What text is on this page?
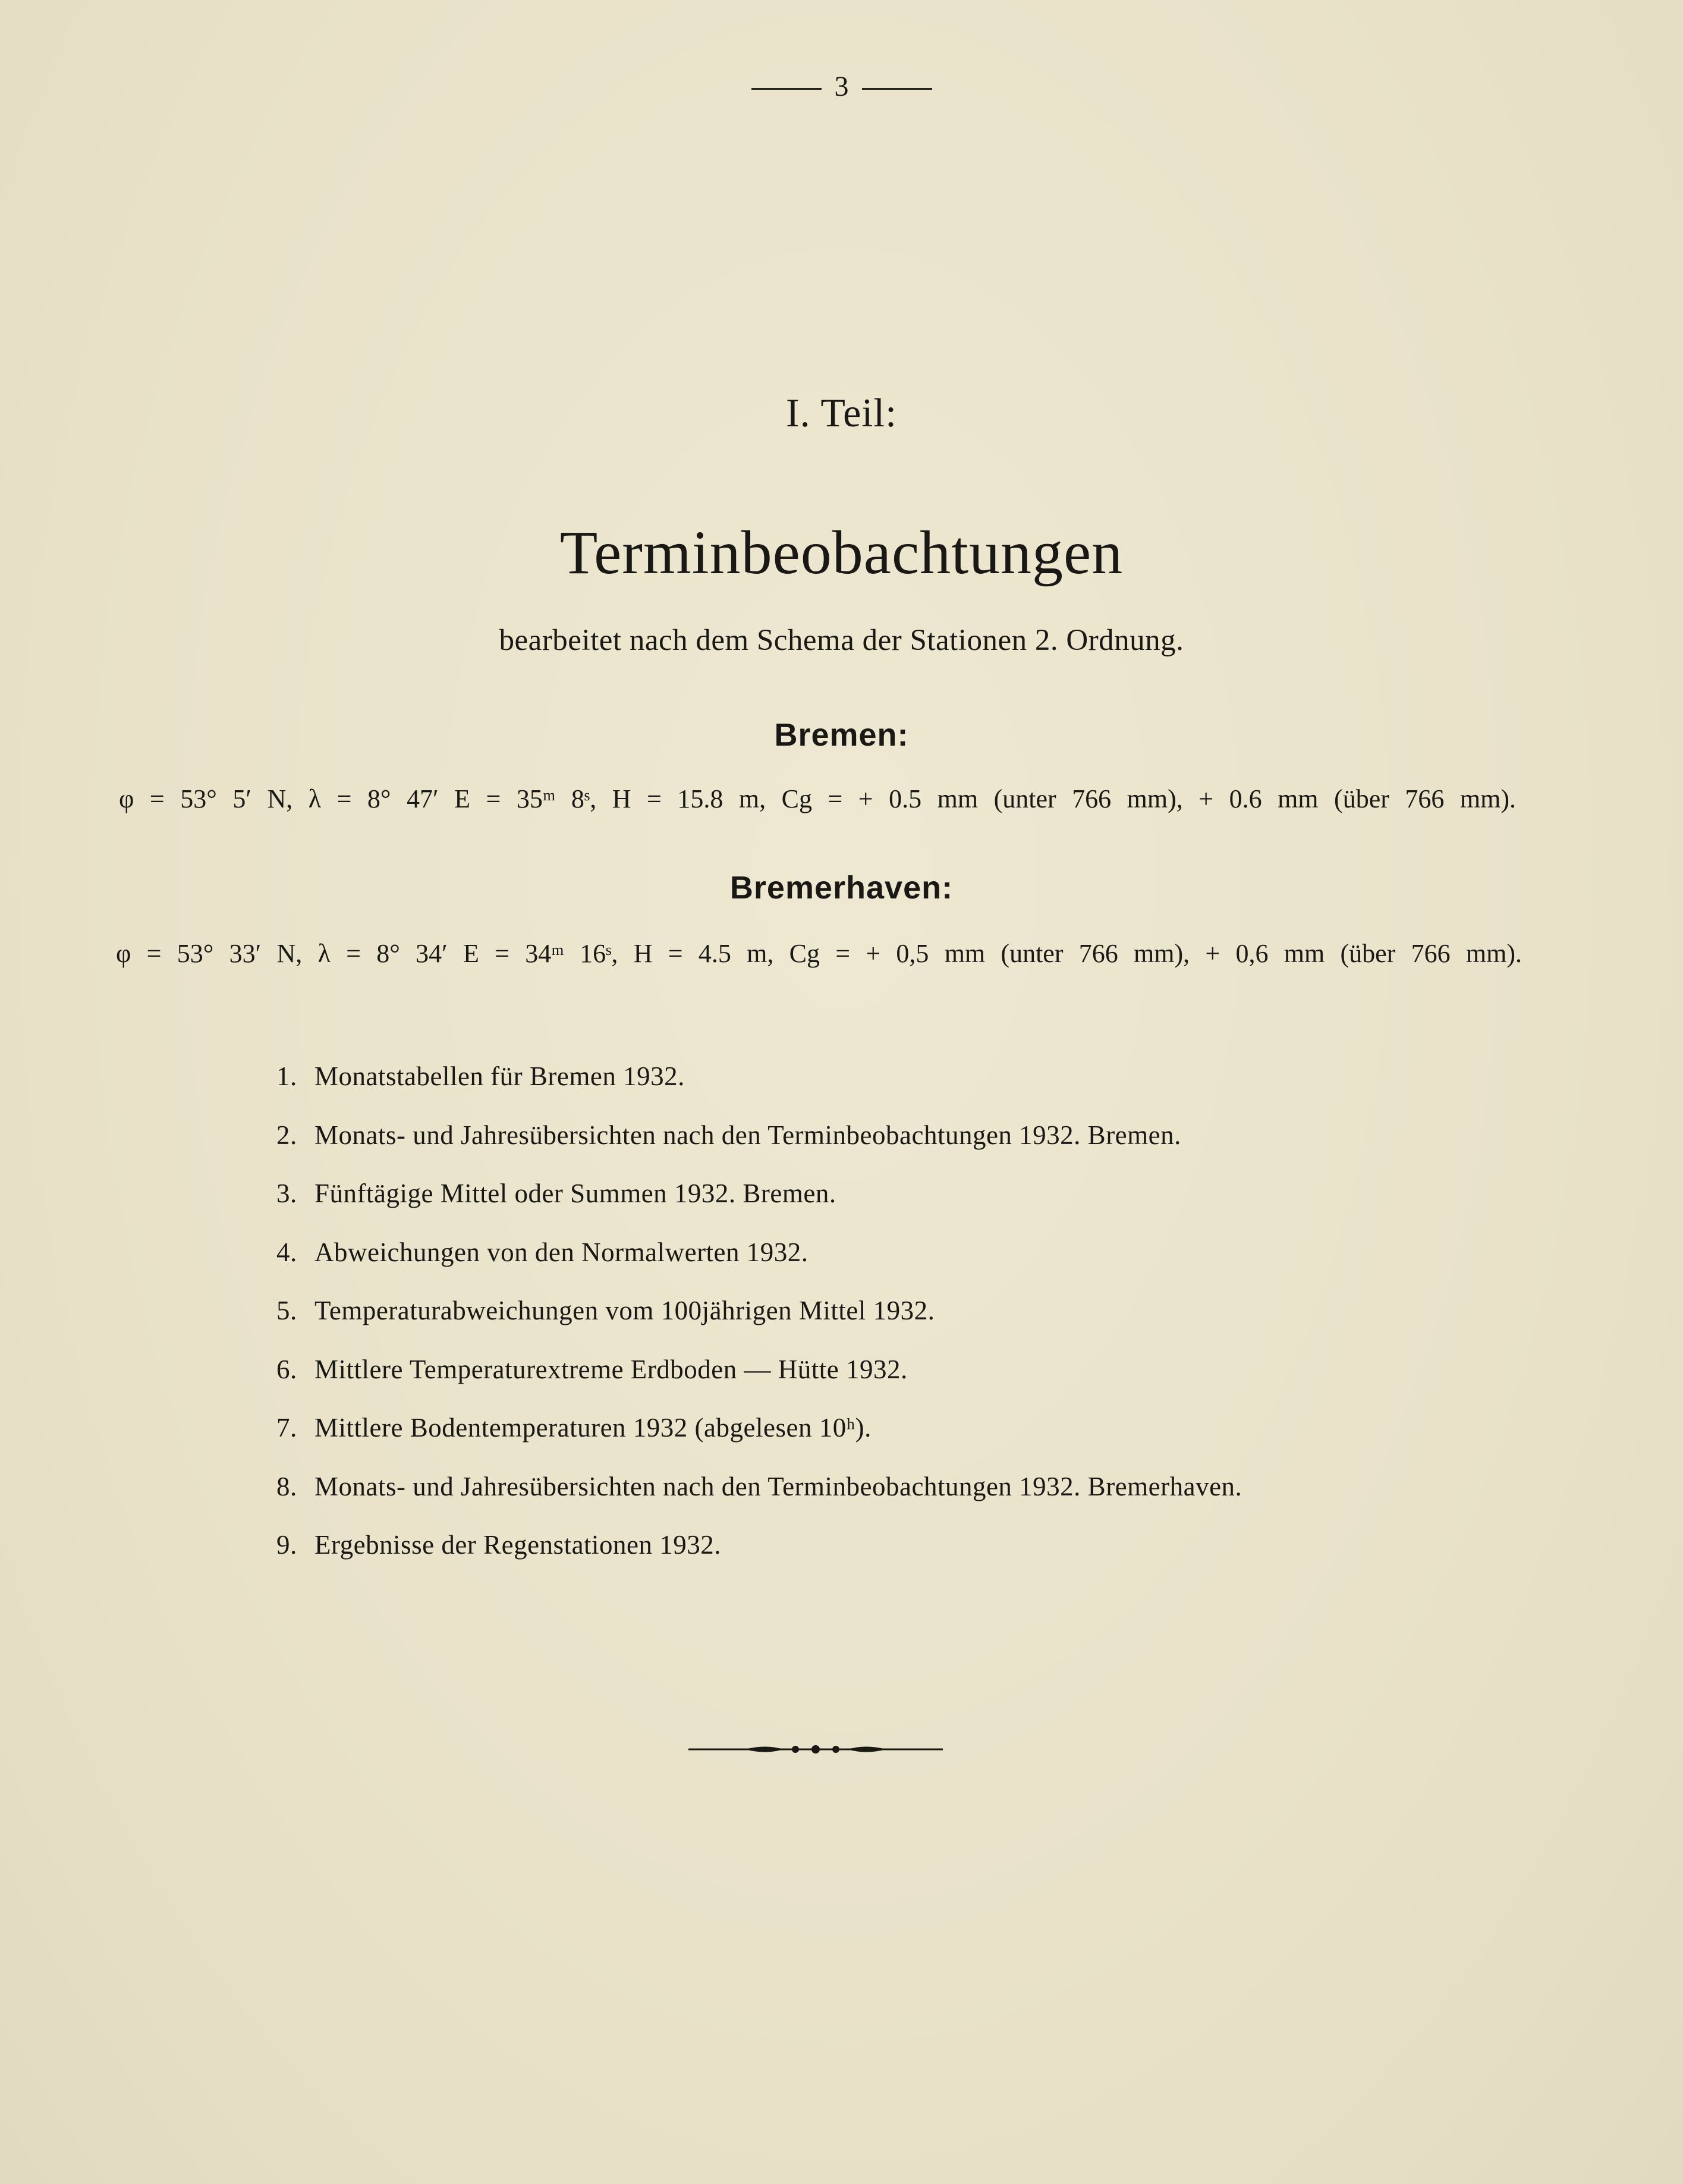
3
I. Teil:
Terminbeobachtungen
bearbeitet nach dem Schema der Stationen 2. Ordnung.
Bremen:
φ = 53° 5′ N, λ = 8° 47′ E = 35ᵐ 8ˢ, H = 15.8 m, Cg = + 0.5 mm (unter 766 mm), + 0.6 mm (über 766 mm).
Bremerhaven:
φ = 53° 33′ N, λ = 8° 34′ E = 34ᵐ 16ˢ, H = 4.5 m, Cg = + 0,5 mm (unter 766 mm), + 0,6 mm (über 766 mm).
1. Monatstabellen für Bremen 1932.
2. Monats- und Jahresübersichten nach den Terminbeobachtungen 1932. Bremen.
3. Fünftägige Mittel oder Summen 1932. Bremen.
4. Abweichungen von den Normalwerten 1932.
5. Temperaturabweichungen vom 100jährigen Mittel 1932.
6. Mittlere Temperaturextreme Erdboden — Hütte 1932.
7. Mittlere Bodentemperaturen 1932 (abgelesen 10ʰ).
8. Monats- und Jahresübersichten nach den Terminbeobachtungen 1932. Bremerhaven.
9. Ergebnisse der Regenstationen 1932.
